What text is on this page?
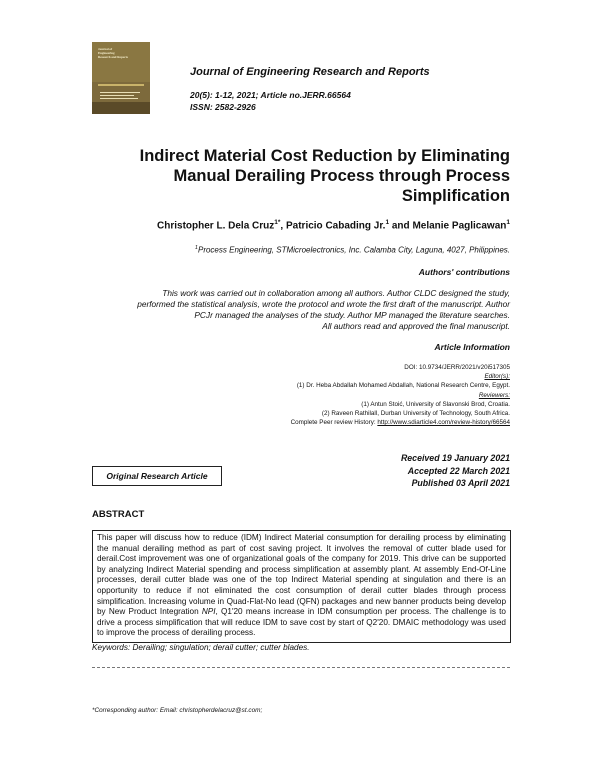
Journal of
Engineering
Research and Reports
Journal of Engineering Research and Reports
20(5): 1-12, 2021; Article no.JERR.66564
ISSN: 2582-2926
Indirect Material Cost Reduction by Eliminating
Manual Derailing Process through Process
Simplification
Christopher L. Dela Cruz$^{1*}$, Patricio Cabading Jr.$^1$ and Melanie Paglicawan$^1$
$^1$Process Engineering, STMicroelectronics, Inc. Calamba City, Laguna, 4027, Philippines.
Authors' contributions
This work was carried out in collaboration among all authors. Author CLDC designed the study,
performed the statistical analysis, wrote the protocol and wrote the first draft of the manuscript. Author
PCJr managed the analyses of the study. Author MP managed the literature searches.
All authors read and approved the final manuscript.
Article Information
DOI: 10.9734/JERR/2021/v20i517305
Editor(s):
(1) Dr. Heba Abdallah Mohamed Abdallah, National Research Centre, Egypt.
Reviewers:
(1) Antun Stoić, University of Slavonski Brod, Croatia.
(2) Raveen Rathilall, Durban University of Technology, South Africa.
Complete Peer review History: http://www.sdiarticle4.com/review-history/66564
Original Research Article
Received 19 January 2021
Accepted 22 March 2021
Published 03 April 2021
ABSTRACT
This paper will discuss how to reduce (IDM) Indirect Material consumption for derailing process by eliminating the manual derailing method as part of cost saving project. It involves the removal of cutter blade used for derail.Cost improvement was one of organizational goals of the company for 2019. This drive can be supported by analyzing Indirect Material spending and process simplification at assembly plant. At assembly End-Of-Line processes, derail cutter blade was one of the top Indirect Material spending at singulation and there is an opportunity to reduce if not eliminated the cost consumption of derail cutter blades through process simplification. Increasing volume in Quad-Flat-No lead (QFN) packages and new banner products being develop by New Product Integration NPI, Q1'20 means increase in IDM consumption per process. The challenge is to drive a process simplification that will reduce IDM to save cost by start of Q2'20. DMAIC methodology was used to improve the process of derailing process.
Keywords: Derailing; singulation; derail cutter; cutter blades.
*Corresponding author: Email: christopherdelacruz@st.com;
